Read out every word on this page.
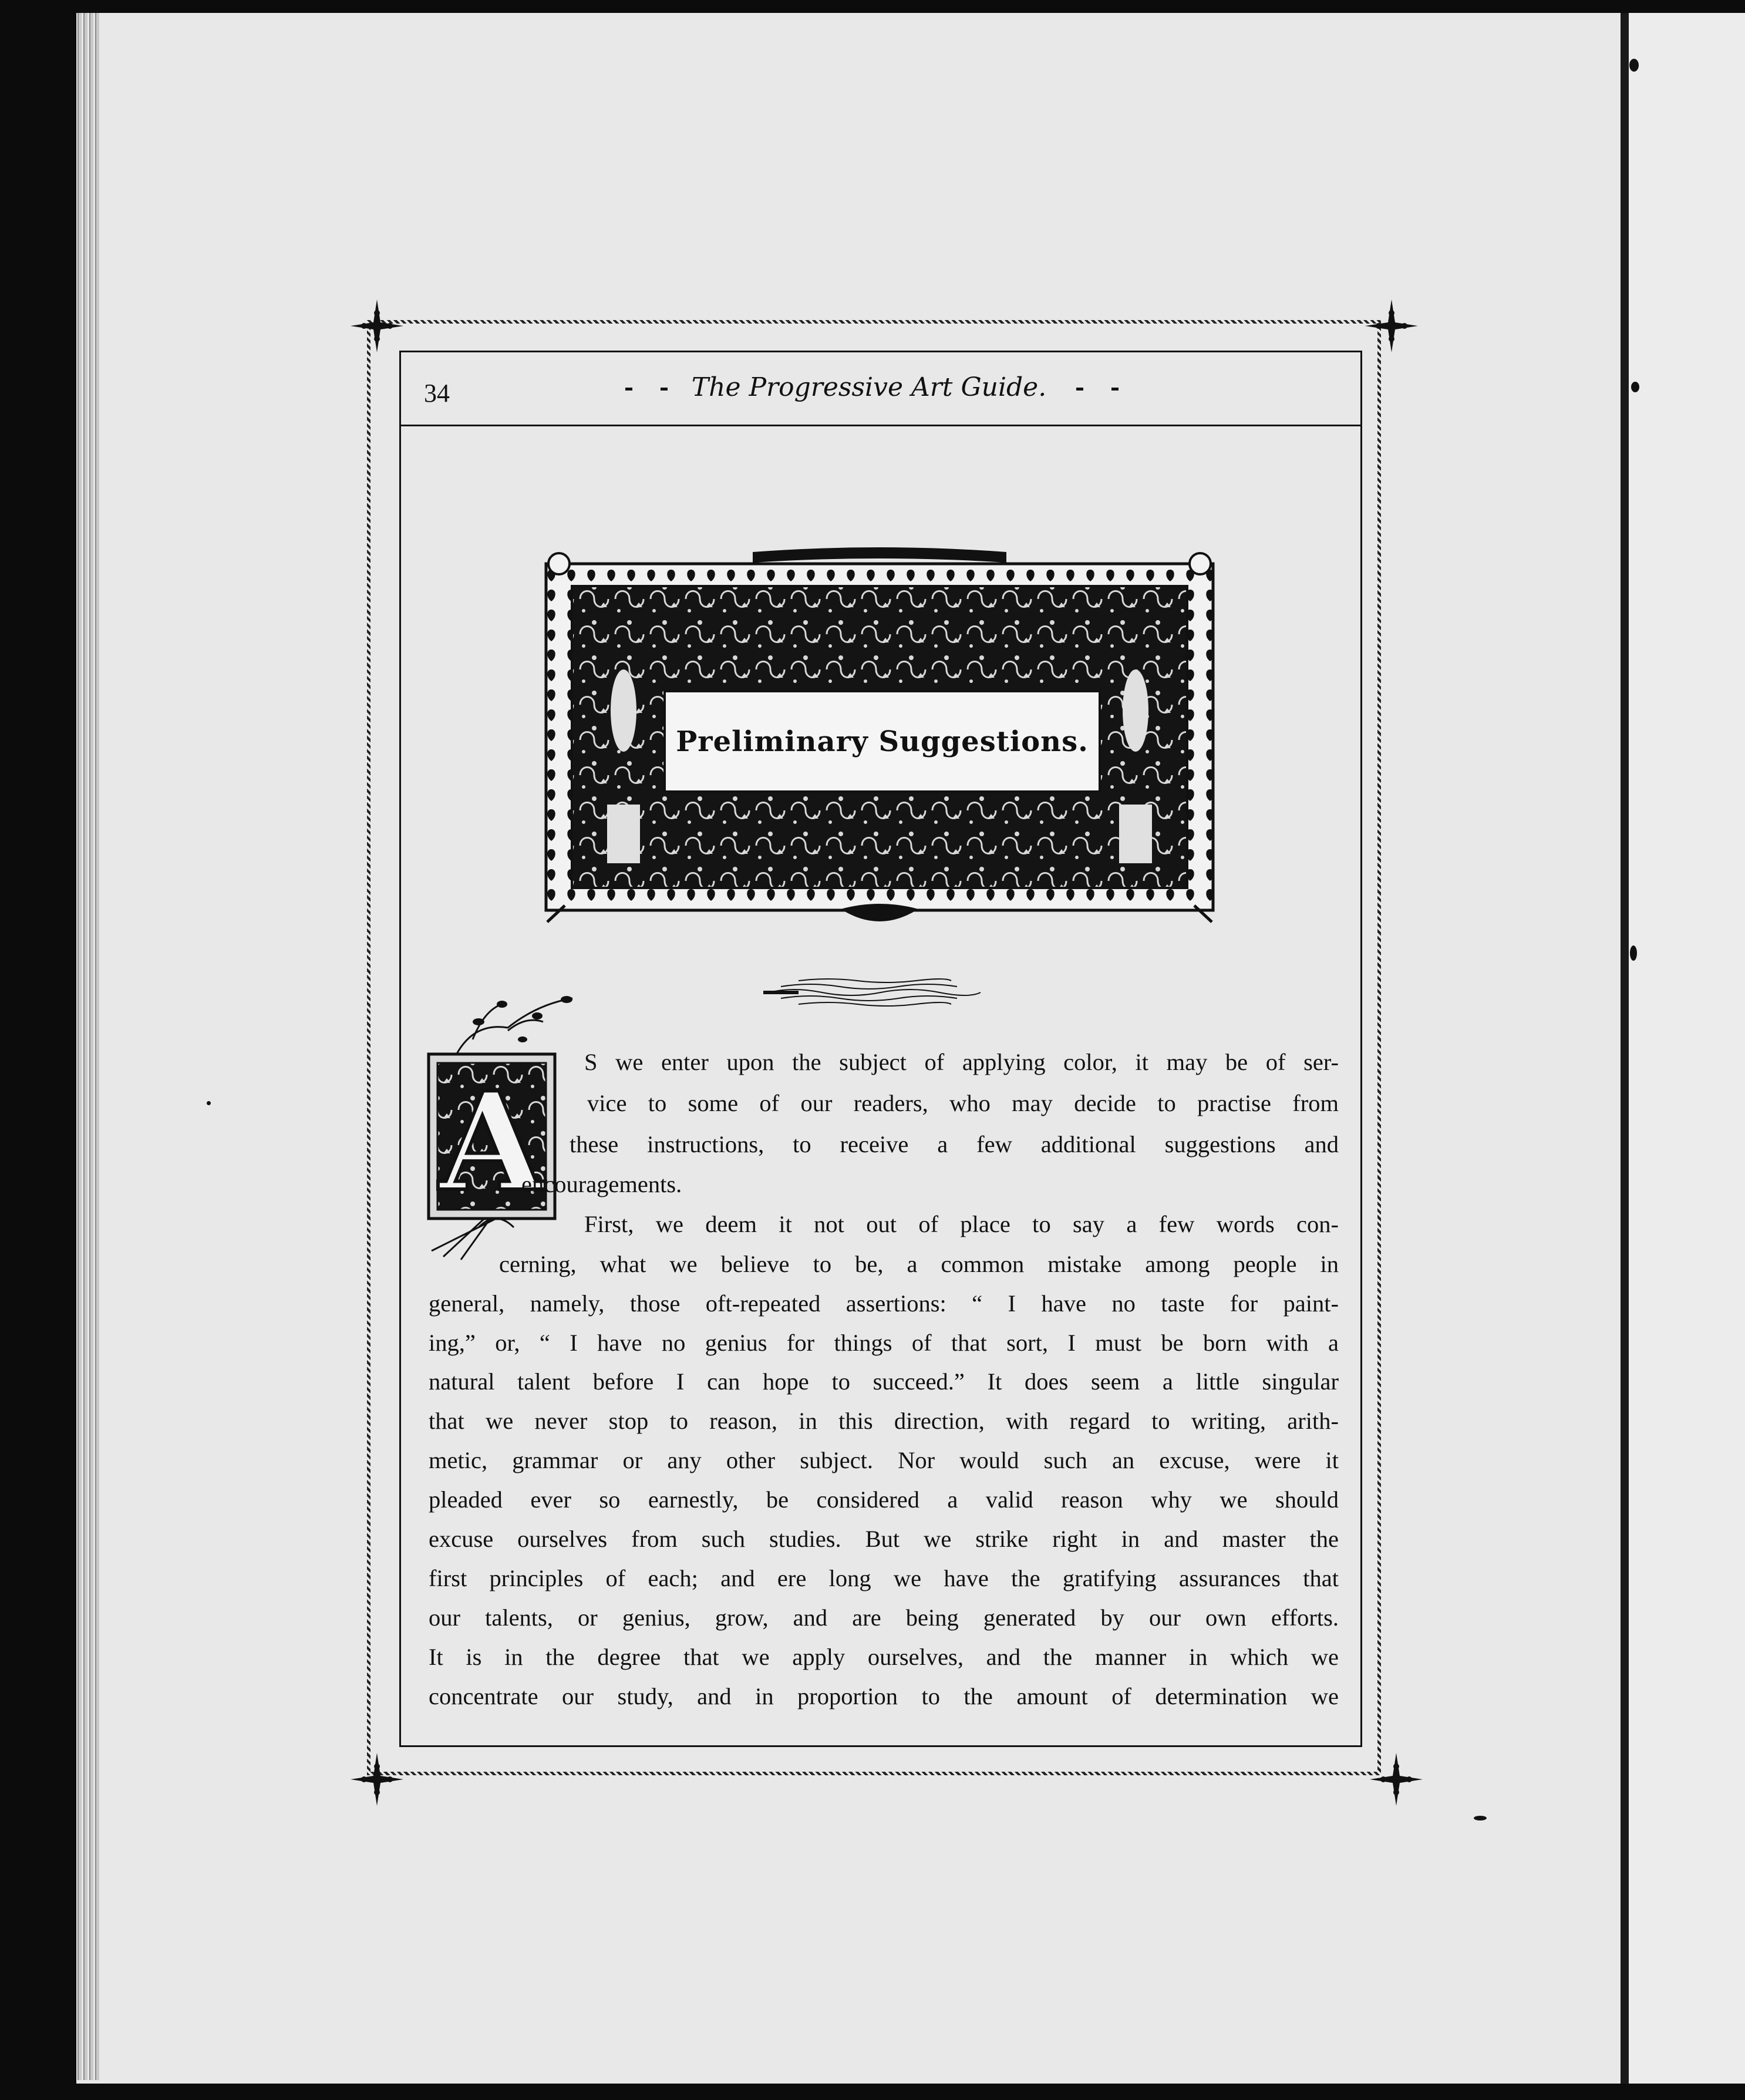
34	The Progressive Art Guide.
Preliminary Suggestions.
A
S we enter upon the subject of applying color, it may be of ser-
vice to some of our readers, who may decide to practise from
these instructions, to receive a few additional suggestions and
encouragements.
First, we deem it not out of place to say a few words con-
cerning, what we believe to be, a common mistake among people in
general, namely, those oft-repeated assertions: “ I have no taste for paint-
ing,” or, “ I have no genius for things of that sort, I must be born with a
natural talent before I can hope to succeed.” It does seem a little singular
that we never stop to reason, in this direction, with regard to writing, arith-
metic, grammar or any other subject. Nor would such an excuse, were it
pleaded ever so earnestly, be considered a valid reason why we should
excuse ourselves from such studies. But we strike right in and master the
first principles of each; and ere long we have the gratifying assurances that
our talents, or genius, grow, and are being generated by our own efforts.
It is in the degree that we apply ourselves, and the manner in which we
concentrate our study, and in proportion to the amount of determination we
